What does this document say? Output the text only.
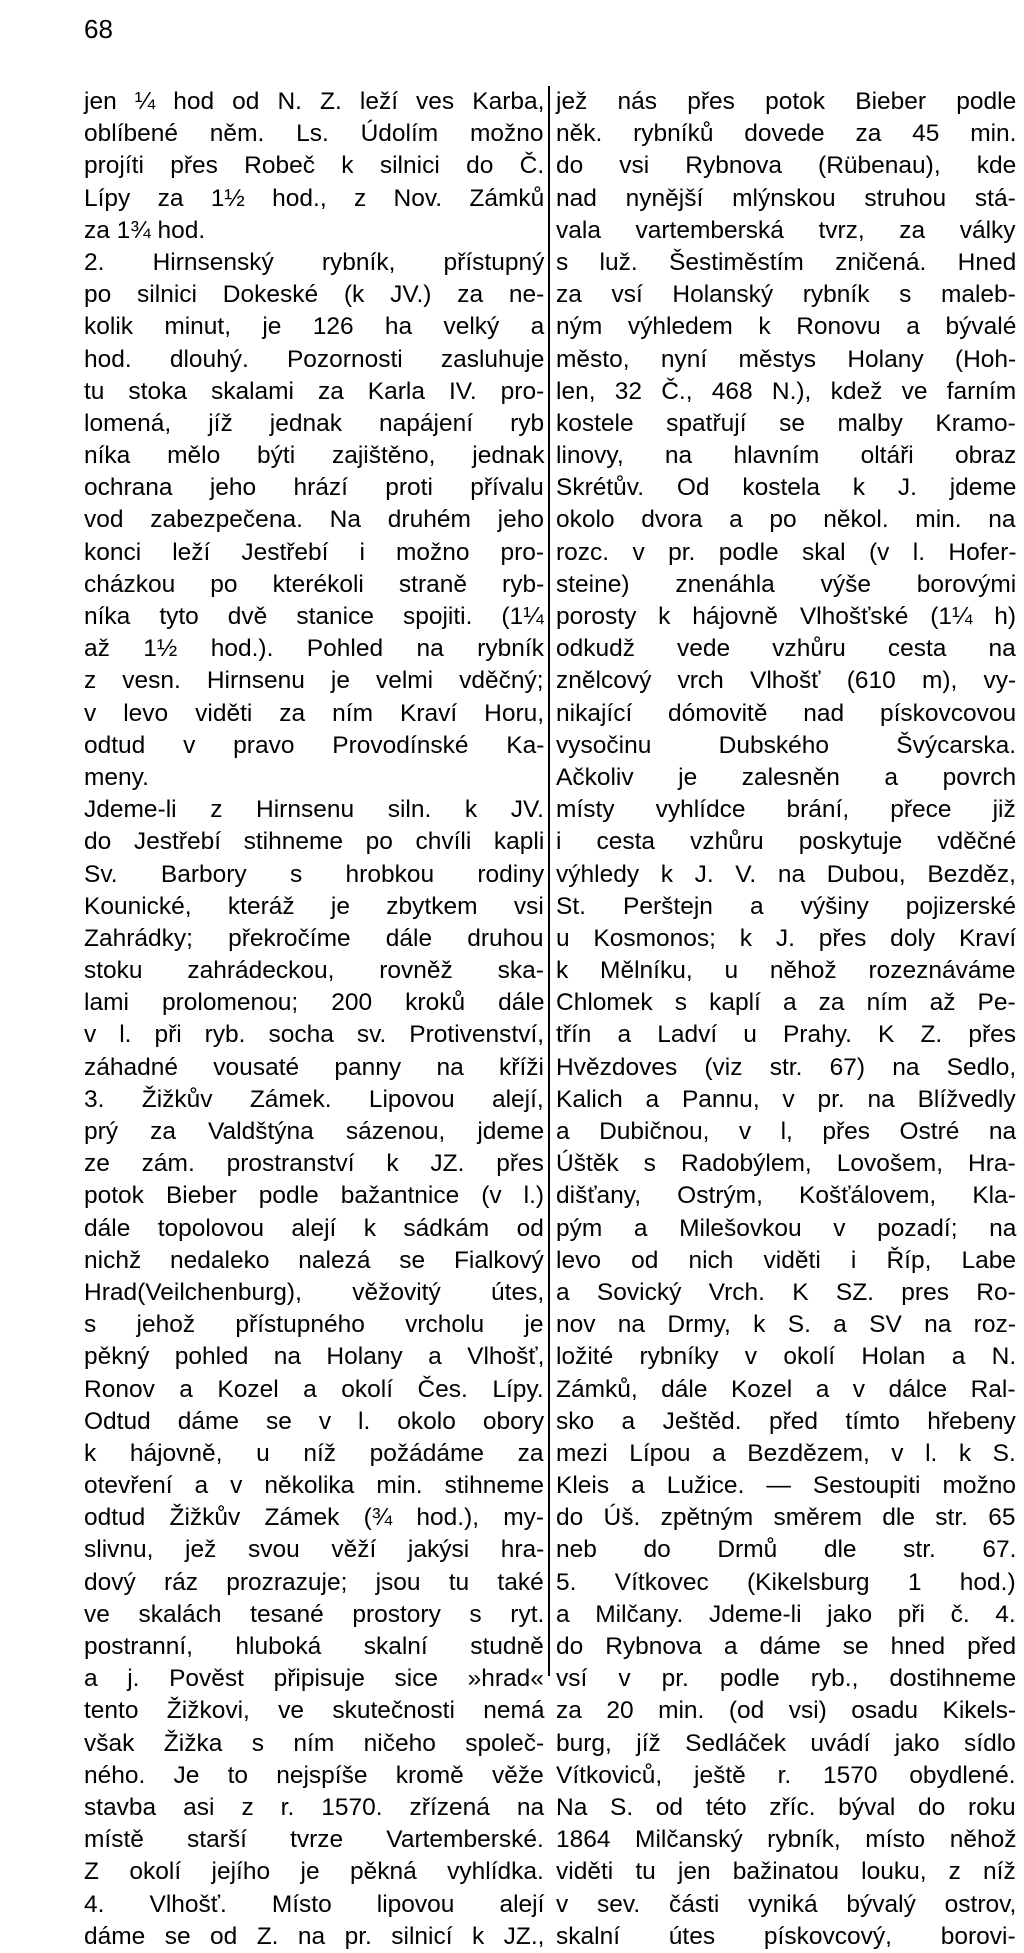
68
jen ¼ hod od N. Z. leží ves Karba,
oblíbené něm. Ls. Údolím možno
projíti přes Robeč k silnici do Č.
Lípy za 1½ hod., z Nov. Zámků
za 1¾ hod.
2. Hirnsenský rybník, přístupný
po silnici Dokeské (k JV.) za ne-
kolik minut, je 126 ha velký a
hod. dlouhý. Pozornosti zasluhuje
tu stoka skalami za Karla IV. pro-
lomená, jíž jednak napájení ryb
níka mělo býti zajištěno, jednak
ochrana jeho hrází proti přívalu
vod zabezpečena. Na druhém jeho
konci leží Jestřebí i možno pro-
cházkou po kterékoli straně ryb-
níka tyto dvě stanice spojiti. (1¼
až 1½ hod.). Pohled na rybník
z vesn. Hirnsenu je velmi vděčný;
v levo viděti za ním Kraví Horu,
odtud v pravo Provodínské Ka-
meny.
Jdeme-li z Hirnsenu siln. k JV.
do Jestřebí stihneme po chvíli kapli
Sv. Barbory s hrobkou rodiny
Kounické, kteráž je zbytkem vsi
Zahrádky; překročíme dále druhou
stoku zahrádeckou, rovněž ska-
lami prolomenou; 200 kroků dále
v l. při ryb. socha sv. Protivenství,
záhadné vousaté panny na kříži
3. Žižkův Zámek. Lipovou alejí,
prý za Valdštýna sázenou, jdeme
ze zám. prostranství k JZ. přes
potok Bieber podle bažantnice (v l.)
dále topolovou alejí k sádkám od
nichž nedaleko nalezá se Fialkový
Hrad(Veilchenburg), věžovitý útes,
s jehož přístupného vrcholu je
pěkný pohled na Holany a Vlhošť,
Ronov a Kozel a okolí Čes. Lípy.
Odtud dáme se v l. okolo obory
k hájovně, u níž požádáme za
otevření a v několika min. stihneme
odtud Žižkův Zámek (¾ hod.), my-
slivnu, jež svou věží jakýsi hra-
dový ráz prozrazuje; jsou tu také
ve skalách tesané prostory s ryt.
postranní, hluboká skalní studně
a j. Pověst připisuje sice »hrad«
tento Žižkovi, ve skutečnosti nemá
však Žižka s ním ničeho společ-
ného. Je to nejspíše kromě věže
stavba asi z r. 1570. zřízená na
místě starší tvrze Vartemberské.
Z okolí jejího je pěkná vyhlídka.
4. Vlhošť. Místo lipovou alejí
dáme se od Z. na pr. silnicí k JZ.,
jež nás přes potok Bieber podle
něk. rybníků dovede za 45 min.
do vsi Rybnova (Rübenau), kde
nad nynější mlýnskou struhou stá-
vala vartemberská tvrz, za války
s luž. Šestiměstím zničená. Hned
za vsí Holanský rybník s maleb-
ným výhledem k Ronovu a bývalé
město, nyní městys Holany (Hoh-
len, 32 Č., 468 N.), kdež ve farním
kostele spatřují se malby Kramo-
linovy, na hlavním oltáři obraz
Skrétův. Od kostela k J. jdeme
okolo dvora a po někol. min. na
rozc. v pr. podle skal (v l. Hofer-
steine) znenáhla výše borovými
porosty k hájovně Vlhošťské (1¼ h)
odkudž vede vzhůru cesta na
znělcový vrch Vlhošť (610 m), vy-
nikající dómovitě nad pískovcovou
vysočinu Dubského Švýcarska.
Ačkoliv je zalesněn a povrch
místy vyhlídce brání, přece již
i cesta vzhůru poskytuje vděčné
výhledy k J. V. na Dubou, Bezděz,
St. Perštejn a výšiny pojizerské
u Kosmonos; k J. přes doly Kraví
k Mělníku, u něhož rozeznáváme
Chlomek s kaplí a za ním až Pe-
třín a Ladví u Prahy. K Z. přes
Hvězdoves (viz str. 67) na Sedlo,
Kalich a Pannu, v pr. na Blížvedly
a Dubičnou, v l, přes Ostré na
Úštěk s Radobýlem, Lovošem, Hra-
dišťany, Ostrým, Košťálovem, Kla-
pým a Milešovkou v pozadí; na
levo od nich viděti i Říp, Labe
a Sovický Vrch. K SZ. pres Ro-
nov na Drmy, k S. a SV na roz-
ložité rybníky v okolí Holan a N.
Zámků, dále Kozel a v dálce Ral-
sko a Ještěd. před tímto hřebeny
mezi Lípou a Bezdězem, v l. k S.
Kleis a Lužice. — Sestoupiti možno
do Úš. zpětným směrem dle str. 65
neb do Drmů dle str. 67.
5. Vítkovec (Kikelsburg 1 hod.)
a Milčany. Jdeme-li jako při č. 4.
do Rybnova a dáme se hned před
vsí v pr. podle ryb., dostihneme
za 20 min. (od vsi) osadu Kikels-
burg, jíž Sedláček uvádí jako sídlo
Vítkoviců, ještě r. 1570 obydlené.
Na S. od této zříc. býval do roku
1864 Milčanský rybník, místo něhož
viděti tu jen bažinatou louku, z níž
v sev. části vyniká bývalý ostrov,
skalní útes pískovcový, borovi-
